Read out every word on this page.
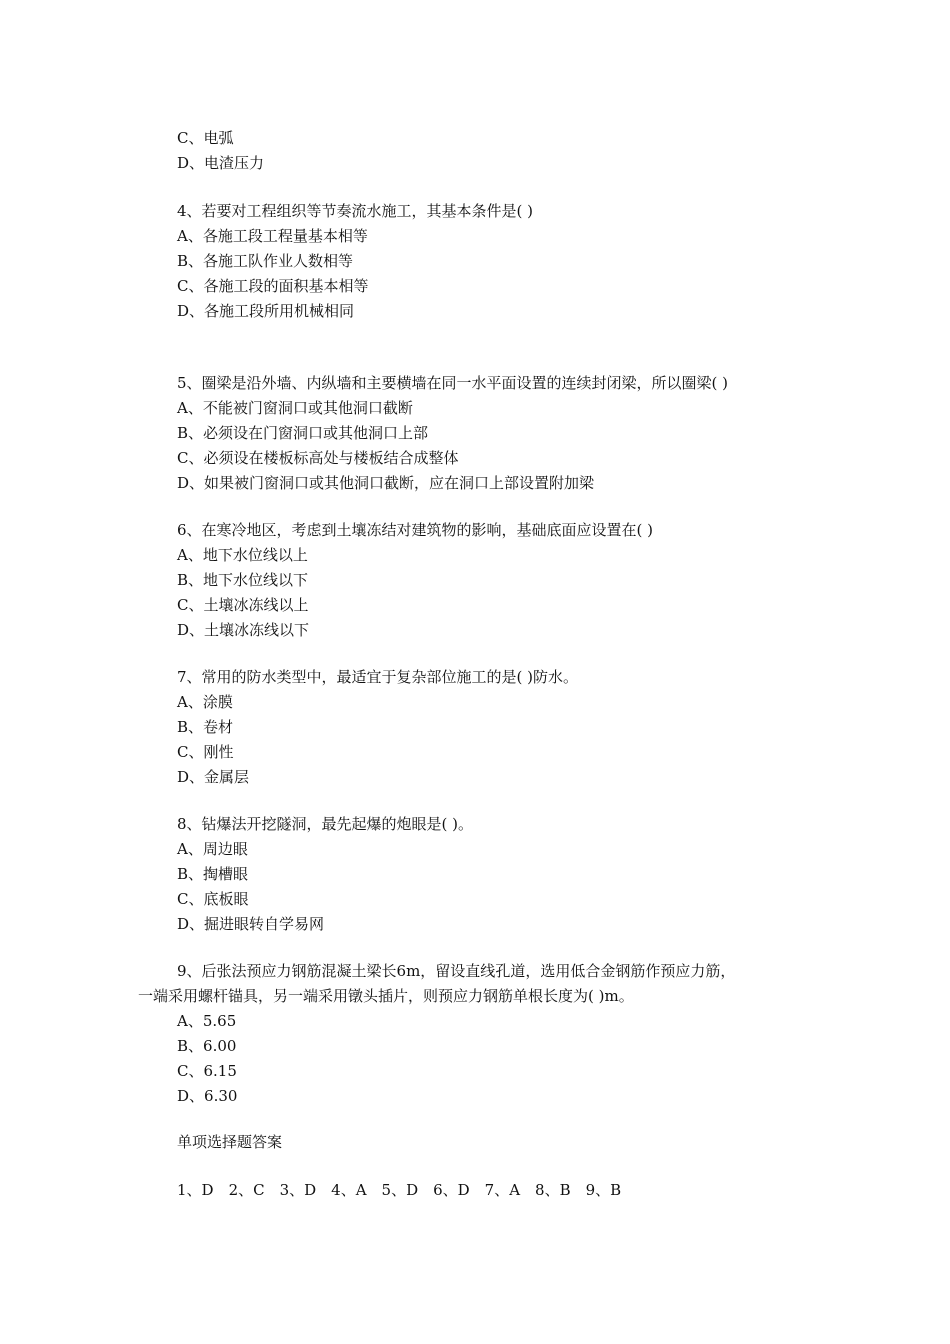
C、电弧
D、电渣压力
4、若要对工程组织等节奏流水施工，其基本条件是( )
A、各施工段工程量基本相等
B、各施工队作业人数相等
C、各施工段的面积基本相等
D、各施工段所用机械相同
5、圈梁是沿外墙、内纵墙和主要横墙在同一水平面设置的连续封闭梁，所以圈梁( )
A、不能被门窗洞口或其他洞口截断
B、必须设在门窗洞口或其他洞口上部
C、必须设在楼板标高处与楼板结合成整体
D、如果被门窗洞口或其他洞口截断，应在洞口上部设置附加梁
6、在寒冷地区，考虑到土壤冻结对建筑物的影响，基础底面应设置在( )
A、地下水位线以上
B、地下水位线以下
C、土壤冰冻线以上
D、土壤冰冻线以下
7、常用的防水类型中，最适宜于复杂部位施工的是( )防水。
A、涂膜
B、卷材
C、刚性
D、金属层
8、钻爆法开挖隧洞，最先起爆的炮眼是( )。
A、周边眼
B、掏槽眼
C、底板眼
D、掘进眼转自学易网
9、后张法预应力钢筋混凝土梁长6m，留设直线孔道，选用低合金钢筋作预应力筋，
一端采用螺杆锚具，另一端采用镦头插片，则预应力钢筋单根长度为( )m。
A、5.65
B、6.00
C、6.15
D、6.30
单项选择题答案
1、D　2、C　3、D　4、A　5、D　6、D　7、A　8、B　9、B
